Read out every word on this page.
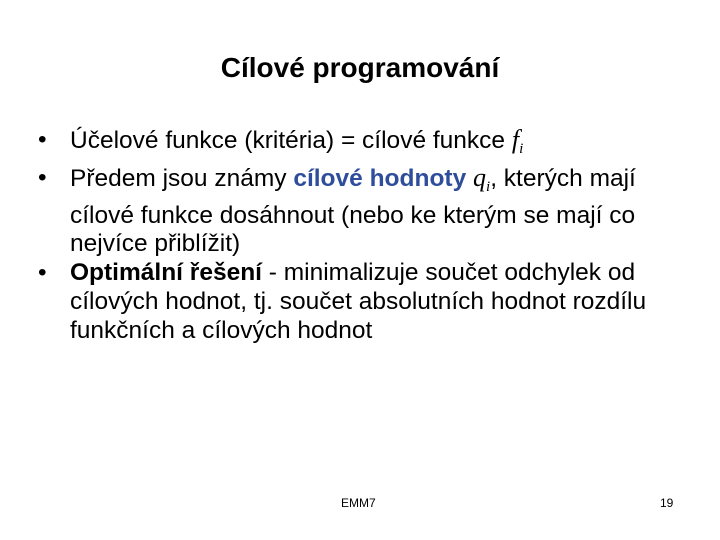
Cílové programování
• Účelové funkce (kritéria) = cílové funkce $f_i$
• Předem jsou známy cílové hodnoty $q_i$, kterých mají cílové funkce dosáhnout (nebo ke kterým se mají co nejvíce přiblížit)
• Optimální řešení - minimalizuje součet odchylek od cílových hodnot, tj. součet absolutních hodnot rozdílu funkčních a cílových hodnot
EMM7	19
